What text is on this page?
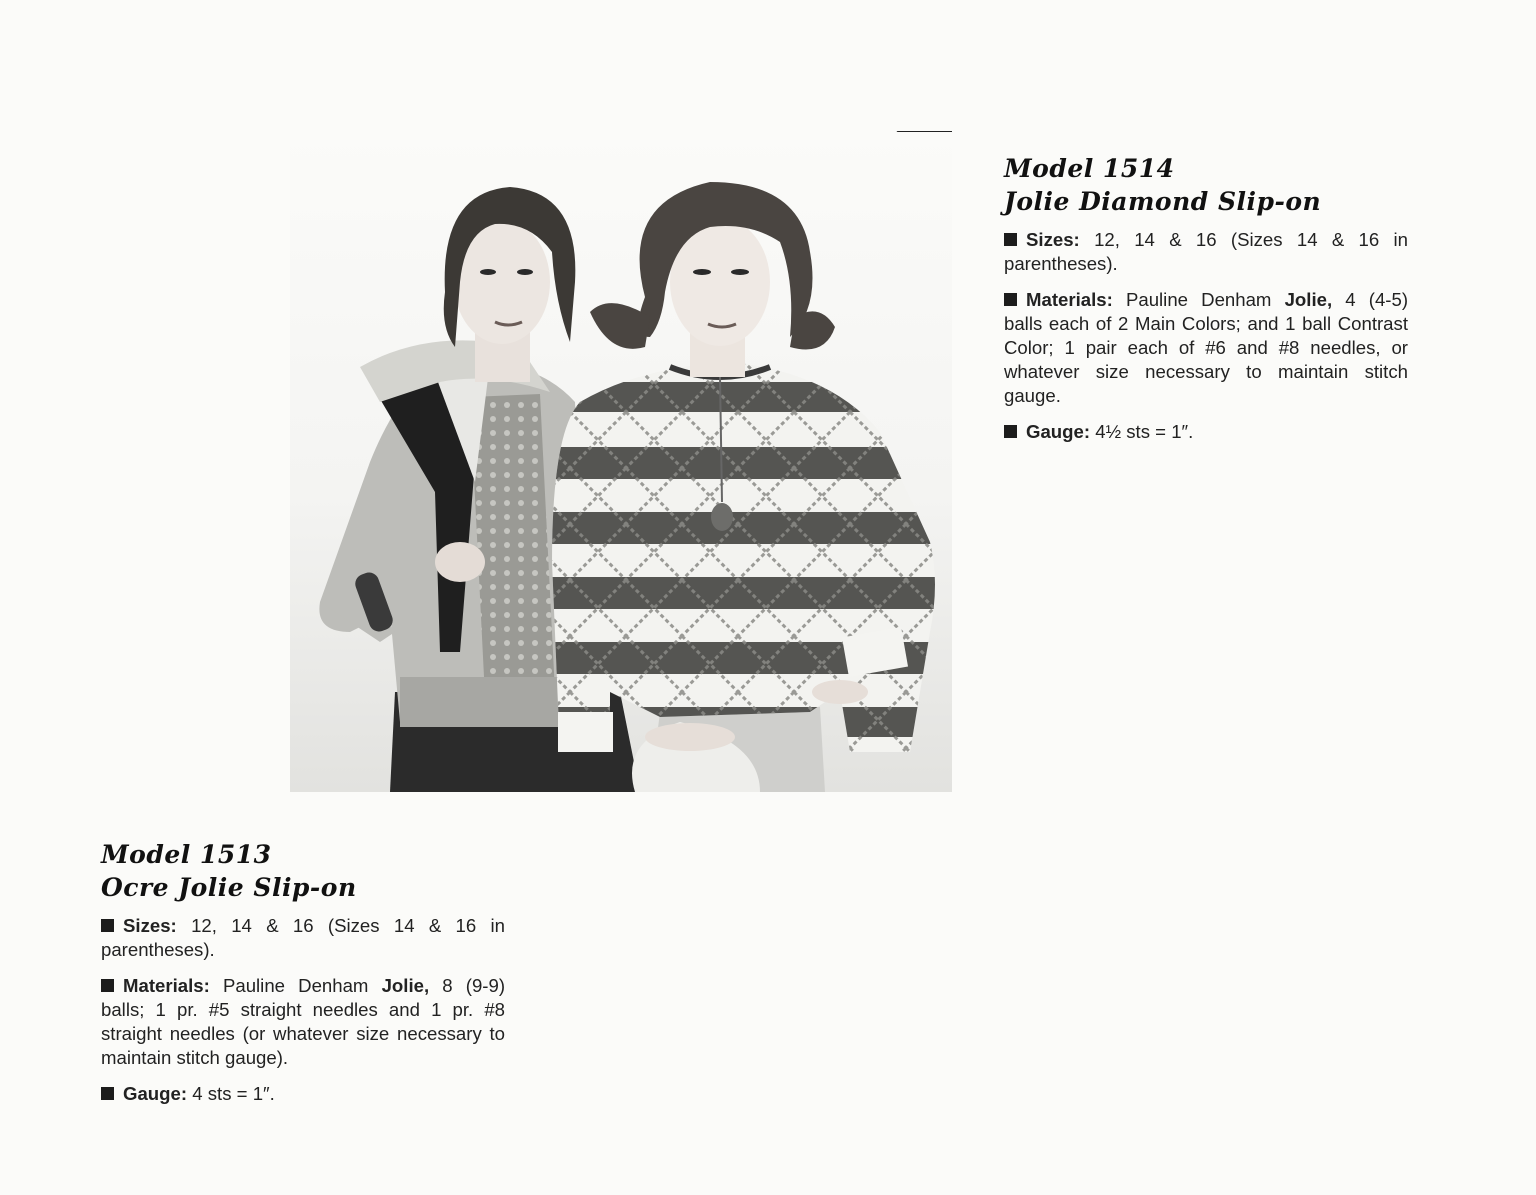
Model 1514
Jolie Diamond Slip-on

Sizes: 12, 14 & 16 (Sizes 14 & 16 in parentheses).

Materials: Pauline Denham Jolie, 4 (4-5) balls each of 2 Main Colors; and 1 ball Contrast Color; 1 pair each of #6 and #8 needles, or whatever size necessary to maintain stitch gauge.

Gauge: 4½ sts = 1″.

Model 1513
Ocre Jolie Slip-on

Sizes: 12, 14 & 16 (Sizes 14 & 16 in parentheses).

Materials: Pauline Denham Jolie, 8 (9-9) balls; 1 pr. #5 straight needles and 1 pr. #8 straight needles (or whatever size necessary to maintain stitch gauge).

Gauge: 4 sts = 1″.
